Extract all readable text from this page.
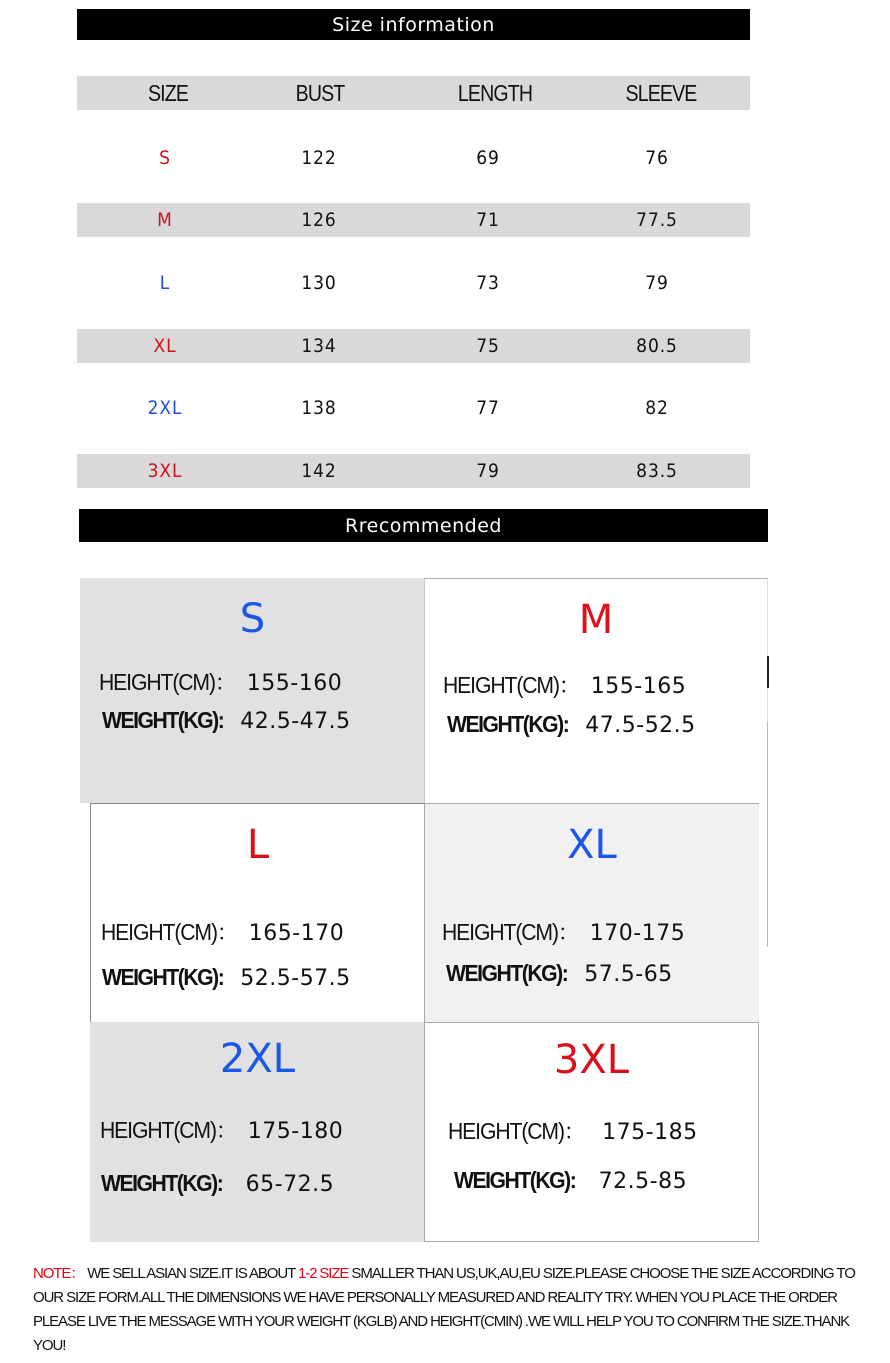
Size information
SIZE	BUST	LENGTH	SLEEVE
S	122	69	76
M	126	71	77.5
L	130	73	79
XL	134	75	80.5
2XL	138	77	82
3XL	142	79	83.5
Rrecommended
S
HEIGHT(CM)： 155-160
WEIGHT(KG): 42.5-47.5
M
HEIGHT(CM)： 155-165
WEIGHT(KG): 47.5-52.5
L
HEIGHT(CM)： 165-170
WEIGHT(KG): 52.5-57.5
XL
HEIGHT(CM)： 170-175
WEIGHT(KG): 57.5-65
2XL
HEIGHT(CM)： 175-180
WEIGHT(KG): 65-72.5
3XL
HEIGHT(CM)： 175-185
WEIGHT(KG): 72.5-85
NOTE： WE SELL ASIAN SIZE.IT IS ABOUT 1-2 SIZE SMALLER THAN US,UK,AU,EU SIZE.PLEASE CHOOSE THE SIZE ACCORDING TO OUR SIZE FORM.ALL THE DIMENSIONS WE HAVE PERSONALLY MEASURED AND REALITY TRY. WHEN YOU PLACE THE ORDER PLEASE LIVE THE MESSAGE WITH YOUR WEIGHT (KGLB) AND HEIGHT(CMIN) .WE WILL HELP YOU TO CONFIRM THE SIZE.THANK YOU!
